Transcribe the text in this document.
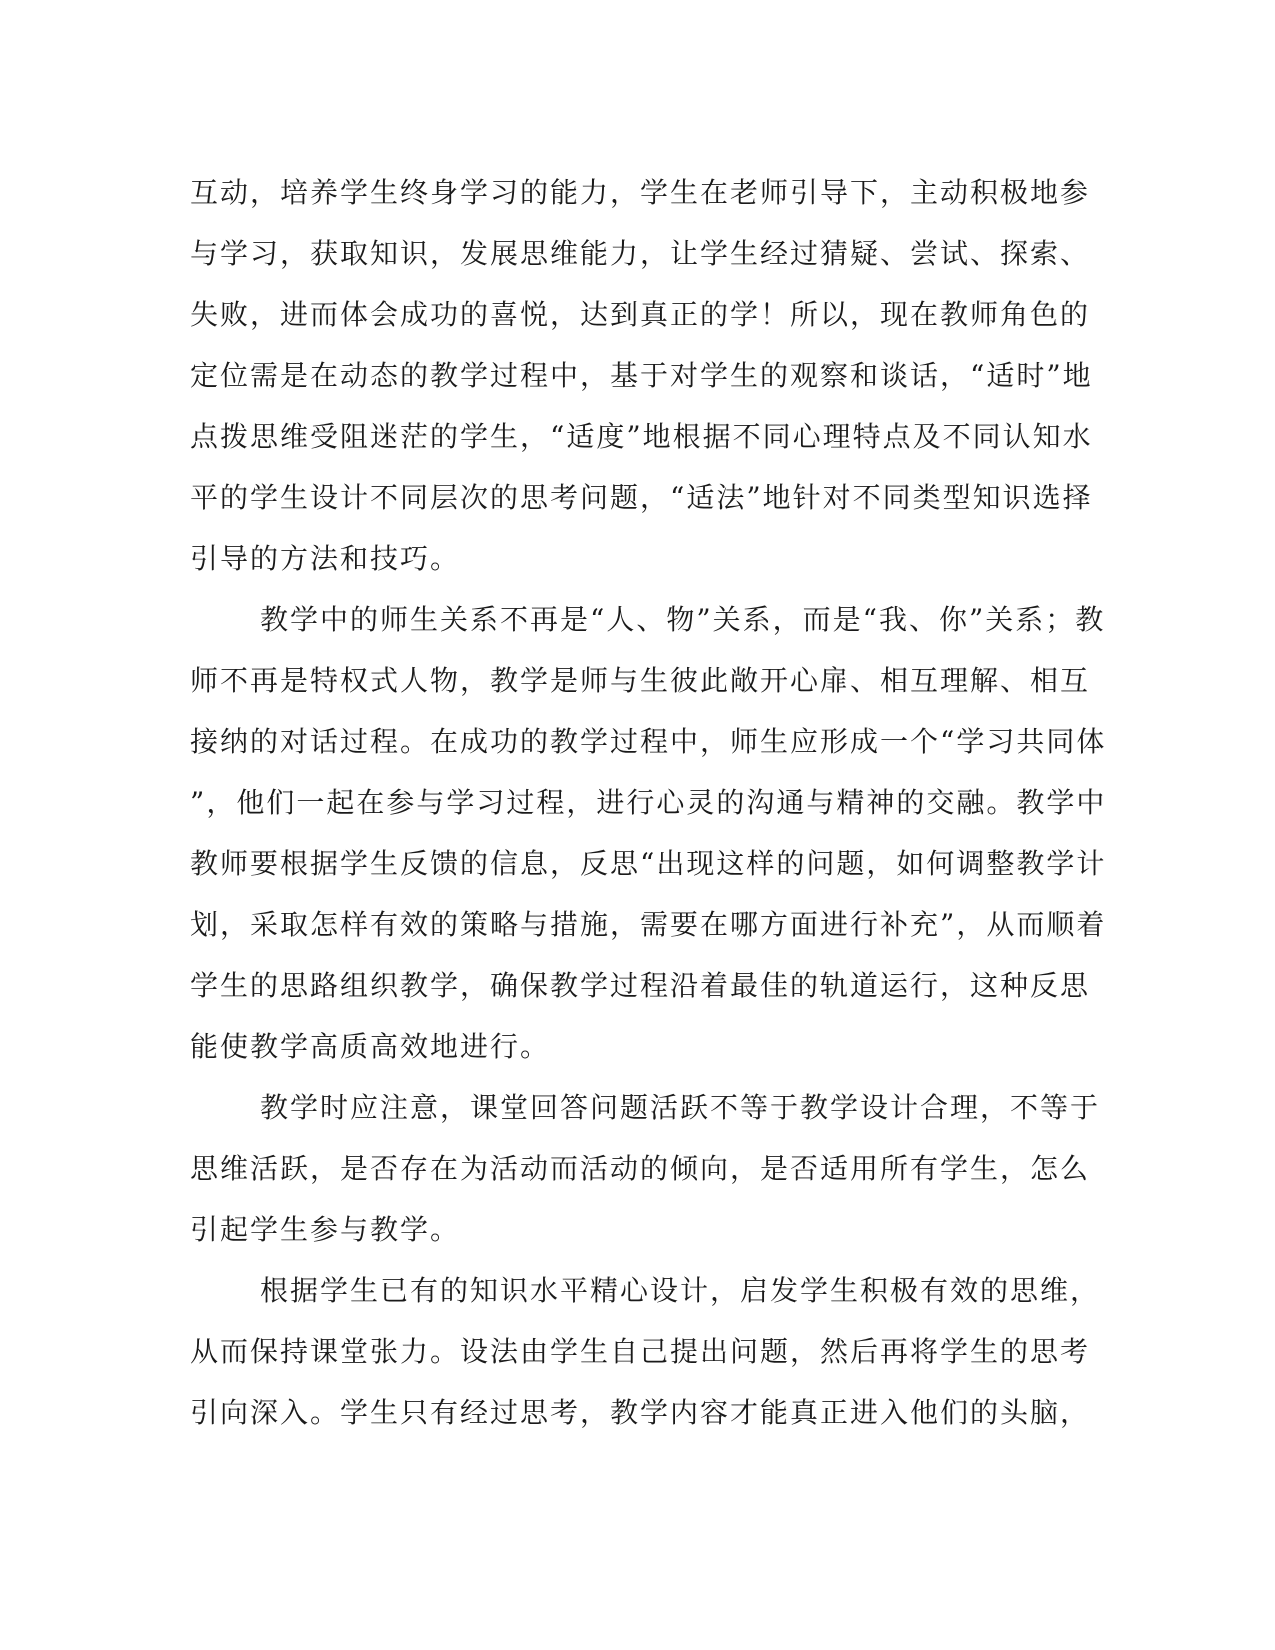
互动，培养学生终身学习的能力，学生在老师引导下，主动积极地参
与学习，获取知识，发展思维能力，让学生经过猜疑、尝试、探索、
失败，进而体会成功的喜悦，达到真正的学！所以，现在教师角色的
定位需是在动态的教学过程中，基于对学生的观察和谈话，“适时”地
点拨思维受阻迷茫的学生，“适度”地根据不同心理特点及不同认知水
平的学生设计不同层次的思考问题，“适法”地针对不同类型知识选择
引导的方法和技巧。
教学中的师生关系不再是“人、物”关系，而是“我、你”关系；教
师不再是特权式人物，教学是师与生彼此敞开心扉、相互理解、相互
接纳的对话过程。在成功的教学过程中，师生应形成一个“学习共同体
”，他们一起在参与学习过程，进行心灵的沟通与精神的交融。教学中
教师要根据学生反馈的信息，反思“出现这样的问题，如何调整教学计
划，采取怎样有效的策略与措施，需要在哪方面进行补充”，从而顺着
学生的思路组织教学，确保教学过程沿着最佳的轨道运行，这种反思
能使教学高质高效地进行。
教学时应注意，课堂回答问题活跃不等于教学设计合理，不等于
思维活跃，是否存在为活动而活动的倾向，是否适用所有学生，怎么
引起学生参与教学。
根据学生已有的知识水平精心设计，启发学生积极有效的思维，
从而保持课堂张力。设法由学生自己提出问题，然后再将学生的思考
引向深入。学生只有经过思考，教学内容才能真正进入他们的头脑，
